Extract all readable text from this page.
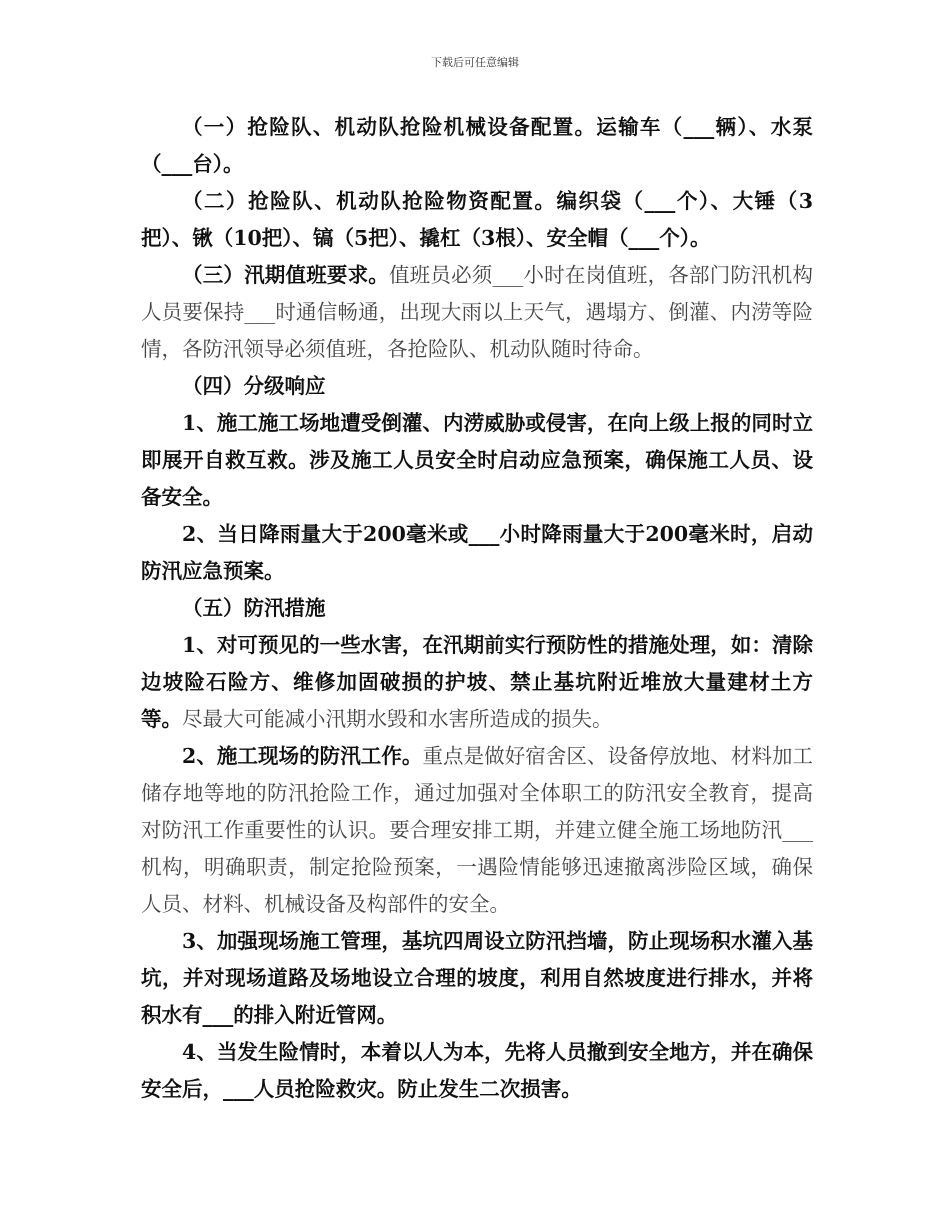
下载后可任意编辑

（一）抢险队、机动队抢险机械设备配置。运输车（___辆）、水泵（___台）。

（二）抢险队、机动队抢险物资配置。编织袋（___个）、大锤（3把）、锹（10把）、镐（5把）、撬杠（3根）、安全帽（___个）。

（三）汛期值班要求。值班员必须___小时在岗值班，各部门防汛机构人员要保持___时通信畅通，出现大雨以上天气，遇塌方、倒灌、内涝等险情，各防汛领导必须值班，各抢险队、机动队随时待命。

（四）分级响应

1、施工施工场地遭受倒灌、内涝威胁或侵害，在向上级上报的同时立即展开自救互救。涉及施工人员安全时启动应急预案，确保施工人员、设备安全。

2、当日降雨量大于200毫米或___小时降雨量大于200毫米时，启动防汛应急预案。

（五）防汛措施

1、对可预见的一些水害，在汛期前实行预防性的措施处理，如：清除边坡险石险方、维修加固破损的护坡、禁止基坑附近堆放大量建材土方等。尽最大可能减小汛期水毁和水害所造成的损失。

2、施工现场的防汛工作。重点是做好宿舍区、设备停放地、材料加工储存地等地的防汛抢险工作，通过加强对全体职工的防汛安全教育，提高对防汛工作重要性的认识。要合理安排工期，并建立健全施工场地防汛___机构，明确职责，制定抢险预案，一遇险情能够迅速撤离涉险区域，确保人员、材料、机械设备及构部件的安全。

3、加强现场施工管理，基坑四周设立防汛挡墙，防止现场积水灌入基坑，并对现场道路及场地设立合理的坡度，利用自然坡度进行排水，并将积水有___的排入附近管网。

4、当发生险情时，本着以人为本，先将人员撤到安全地方，并在确保安全后，___人员抢险救灾。防止发生二次损害。
